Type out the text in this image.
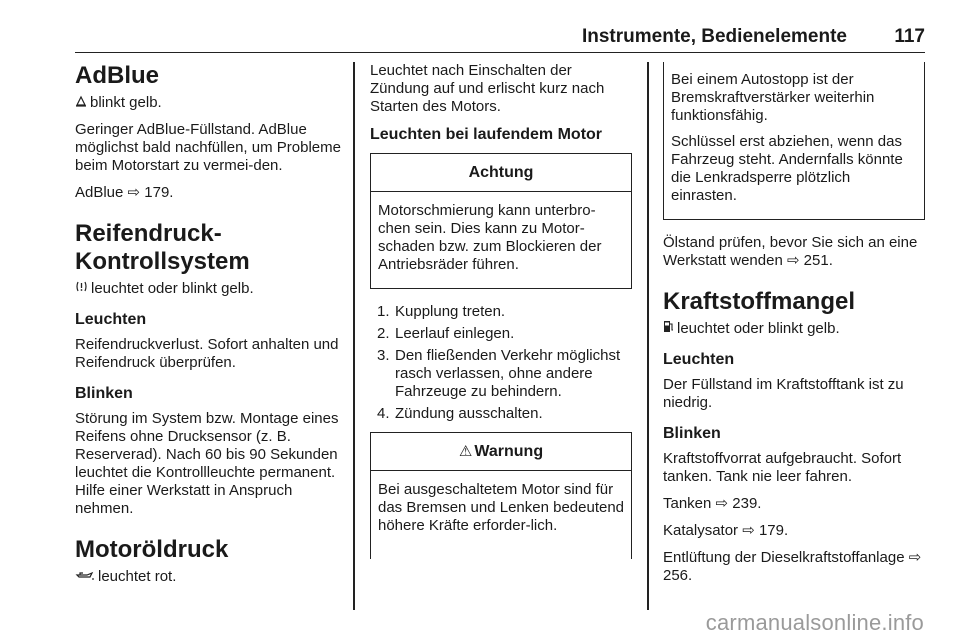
Instrumente, Bedienelemente 117
AdBlue

blinkt gelb.

Geringer AdBlue-Füllstand. AdBlue möglichst bald nachfüllen, um Probleme beim Motorstart zu vermei-den.

AdBlue ⇨ 179.

Reifendruck-Kontrollsystem

leuchtet oder blinkt gelb.

Leuchten

Reifendruckverlust. Sofort anhalten und Reifendruck überprüfen.

Blinken

Störung im System bzw. Montage eines Reifens ohne Drucksensor (z. B. Reserverad). Nach 60 bis 90 Sekunden leuchtet die Kontrollleuchte permanent. Hilfe einer Werkstatt in Anspruch nehmen.

Motoröldruck

leuchtet rot.

Leuchtet nach Einschalten der Zündung auf und erlischt kurz nach Starten des Motors.

Leuchten bei laufendem Motor
Achtung

Motorschmierung kann unterbro-chen sein. Dies kann zu Motor-schaden bzw. zum Blockieren der Antriebsräder führen.

1. Kupplung treten.
2. Leerlauf einlegen.
3. Den fließenden Verkehr möglichst rasch verlassen, ohne andere Fahrzeuge zu behindern.
4. Zündung ausschalten.
⚠ Warnung

Bei ausgeschaltetem Motor sind für das Bremsen und Lenken bedeutend höhere Kräfte erforder-lich.

Bei einem Autostopp ist der Bremskraftverstärker weiterhin funktionsfähig.

Schlüssel erst abziehen, wenn das Fahrzeug steht. Andernfalls könnte die Lenkradsperre plötzlich einrasten.

Ölstand prüfen, bevor Sie sich an eine Werkstatt wenden ⇨ 251.

Kraftstoffmangel

leuchtet oder blinkt gelb.

Leuchten

Der Füllstand im Kraftstofftank ist zu niedrig.

Blinken

Kraftstoffvorrat aufgebraucht. Sofort tanken. Tank nie leer fahren.

Tanken ⇨ 239.

Katalysator ⇨ 179.

Entlüftung der Dieselkraftstoffanlage ⇨ 256.

carmanualsonline.info
